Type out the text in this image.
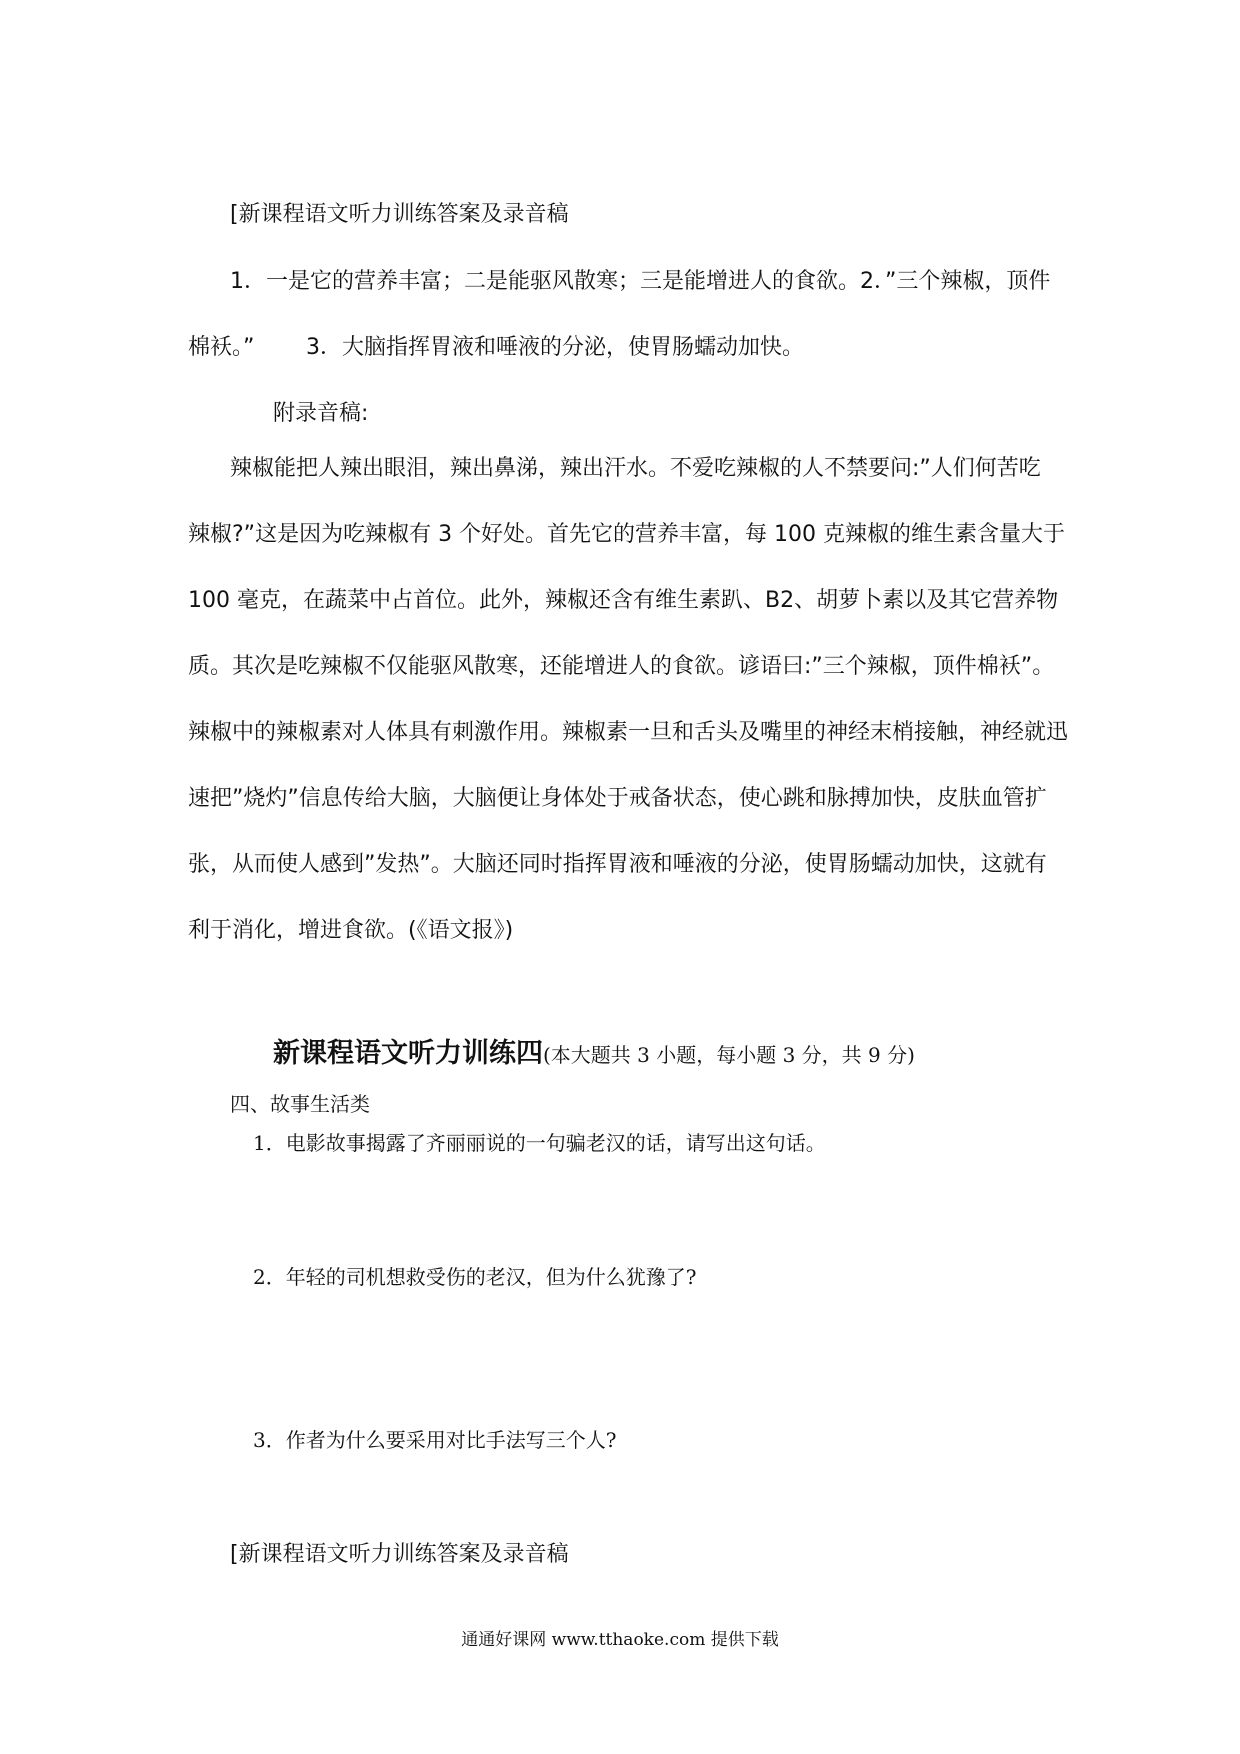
[新课程语文听力训练答案及录音稿
1．一是它的营养丰富；二是能驱风散寒；三是能增进人的食欲。2．”三个辣椒，顶件
棉袄。” 3．大脑指挥胃液和唾液的分泌，使胃肠蠕动加快。
附录音稿:
辣椒能把人辣出眼泪，辣出鼻涕，辣出汗水。不爱吃辣椒的人不禁要问:”人们何苦吃
辣椒?”这是因为吃辣椒有 3 个好处。首先它的营养丰富，每 100 克辣椒的维生素含量大于
100 毫克，在蔬菜中占首位。此外，辣椒还含有维生素趴、B2、胡萝卜素以及其它营养物
质。其次是吃辣椒不仅能驱风散寒，还能增进人的食欲。谚语曰:”三个辣椒，顶件棉袄”。
辣椒中的辣椒素对人体具有刺激作用。辣椒素一旦和舌头及嘴里的神经末梢接触，神经就迅
速把”烧灼”信息传给大脑，大脑便让身体处于戒备状态，使心跳和脉搏加快，皮肤血管扩
张，从而使人感到”发热”。大脑还同时指挥胃液和唾液的分泌，使胃肠蠕动加快，这就有
利于消化，增进食欲。(《语文报》)
新课程语文听力训练四(本大题共 3 小题，每小题 3 分，共 9 分)
四、故事生活类
1．电影故事揭露了齐丽丽说的一句骗老汉的话，请写出这句话。
2．年轻的司机想救受伤的老汉，但为什么犹豫了?
3．作者为什么要采用对比手法写三个人?
[新课程语文听力训练答案及录音稿
通通好课网 www.tthaoke.com 提供下载
